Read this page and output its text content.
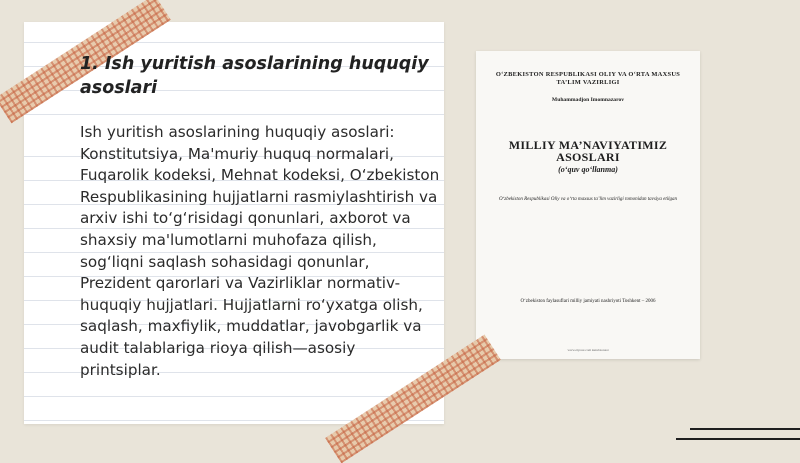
1. Ish yuritish asoslarining huquqiy asoslari

Ish yuritish asoslarining huquqiy asoslari: Konstitutsiya, Ma'muriy huquq normalari, Fuqarolik kodeksi, Mehnat kodeksi, O‘zbekiston Respublikasining hujjatlarni rasmiylashtirish va arxiv ishi to‘g‘risidagi qonunlari, axborot va shaxsiy ma'lumotlarni muhofaza qilish, sog‘liqni saqlash sohasidagi qonunlar, Prezident qarorlari va Vazirliklar normativ-huquqiy hujjatlari. Hujjatlarni ro‘yxatga olish, saqlash, maxfiylik, muddatlar, javobgarlik va audit talablariga rioya qilish—asosiy printsiplar.

O‘ZBEKISTON RESPUBLIKASI OLIY VA O‘RTA MAXSUS TA’LIM VAZIRLIGI

Muhammadjon Imomnazarov
MILLIY MA’NAVIYATIMIZ ASOSLARI
(o‘quv qo‘llanma)

O‘zbekiston Respublikasi Oliy va o‘rta maxsus ta’lim vazirligi tomonidan tavsiya etilgan

O‘zbekiston faylasuflari milliy jamiyati nashriyoti Toshkent – 2006

www.ziyouz.com kutubxonasi
